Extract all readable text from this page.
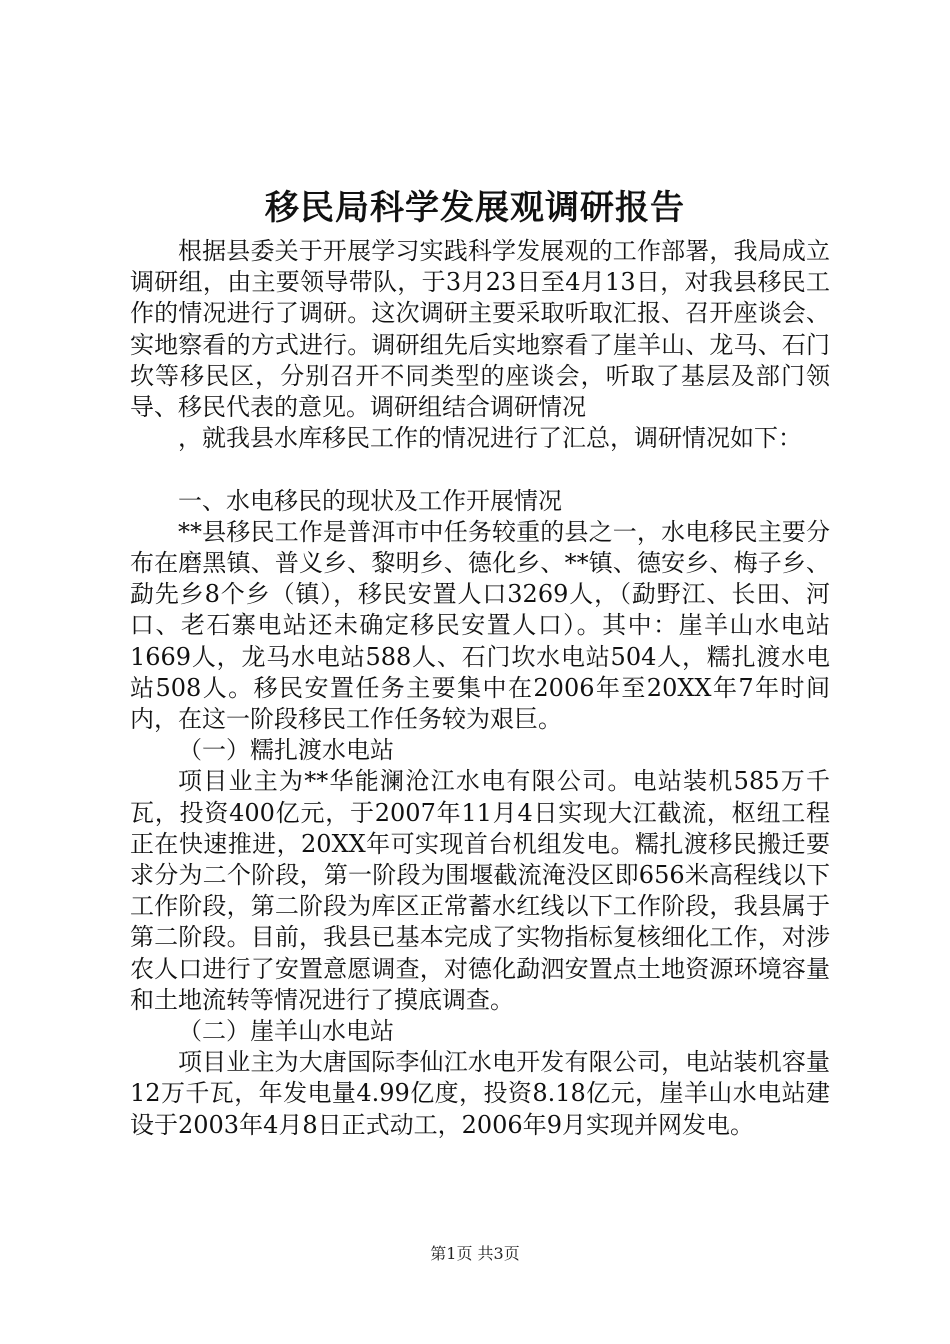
移民局科学发展观调研报告

根据县委关于开展学习实践科学发展观的工作部署，我局成立调研组，由主要领导带队，于3月23日至4月13日，对我县移民工作的情况进行了调研。这次调研主要采取听取汇报、召开座谈会、实地察看的方式进行。调研组先后实地察看了崖羊山、龙马、石门坎等移民区，分别召开不同类型的座谈会，听取了基层及部门领导、移民代表的意见。调研组结合调研情况

，就我县水库移民工作的情况进行了汇总，调研情况如下：

一、水电移民的现状及工作开展情况

**县移民工作是普洱市中任务较重的县之一，水电移民主要分布在磨黑镇、普义乡、黎明乡、德化乡、**镇、德安乡、梅子乡、勐先乡8个乡（镇），移民安置人口3269人，（勐野江、长田、河口、老石寨电站还未确定移民安置人口）。其中：崖羊山水电站1669人，龙马水电站588人、石门坎水电站504人，糯扎渡水电站508人。移民安置任务主要集中在2006年至20XX年7年时间内，在这一阶段移民工作任务较为艰巨。

（一）糯扎渡水电站

项目业主为**华能澜沧江水电有限公司。电站装机585万千瓦，投资400亿元，于2007年11月4日实现大江截流，枢纽工程正在快速推进，20XX年可实现首台机组发电。糯扎渡移民搬迁要求分为二个阶段，第一阶段为围堰截流淹没区即656米高程线以下工作阶段，第二阶段为库区正常蓄水红线以下工作阶段，我县属于第二阶段。目前，我县已基本完成了实物指标复核细化工作，对涉农人口进行了安置意愿调查，对德化勐泗安置点土地资源环境容量和土地流转等情况进行了摸底调查。

（二）崖羊山水电站

项目业主为大唐国际李仙江水电开发有限公司，电站装机容量12万千瓦，年发电量4.99亿度，投资8.18亿元，崖羊山水电站建设于2003年4月8日正式动工，2006年9月实现并网发电。

第1页 共3页
